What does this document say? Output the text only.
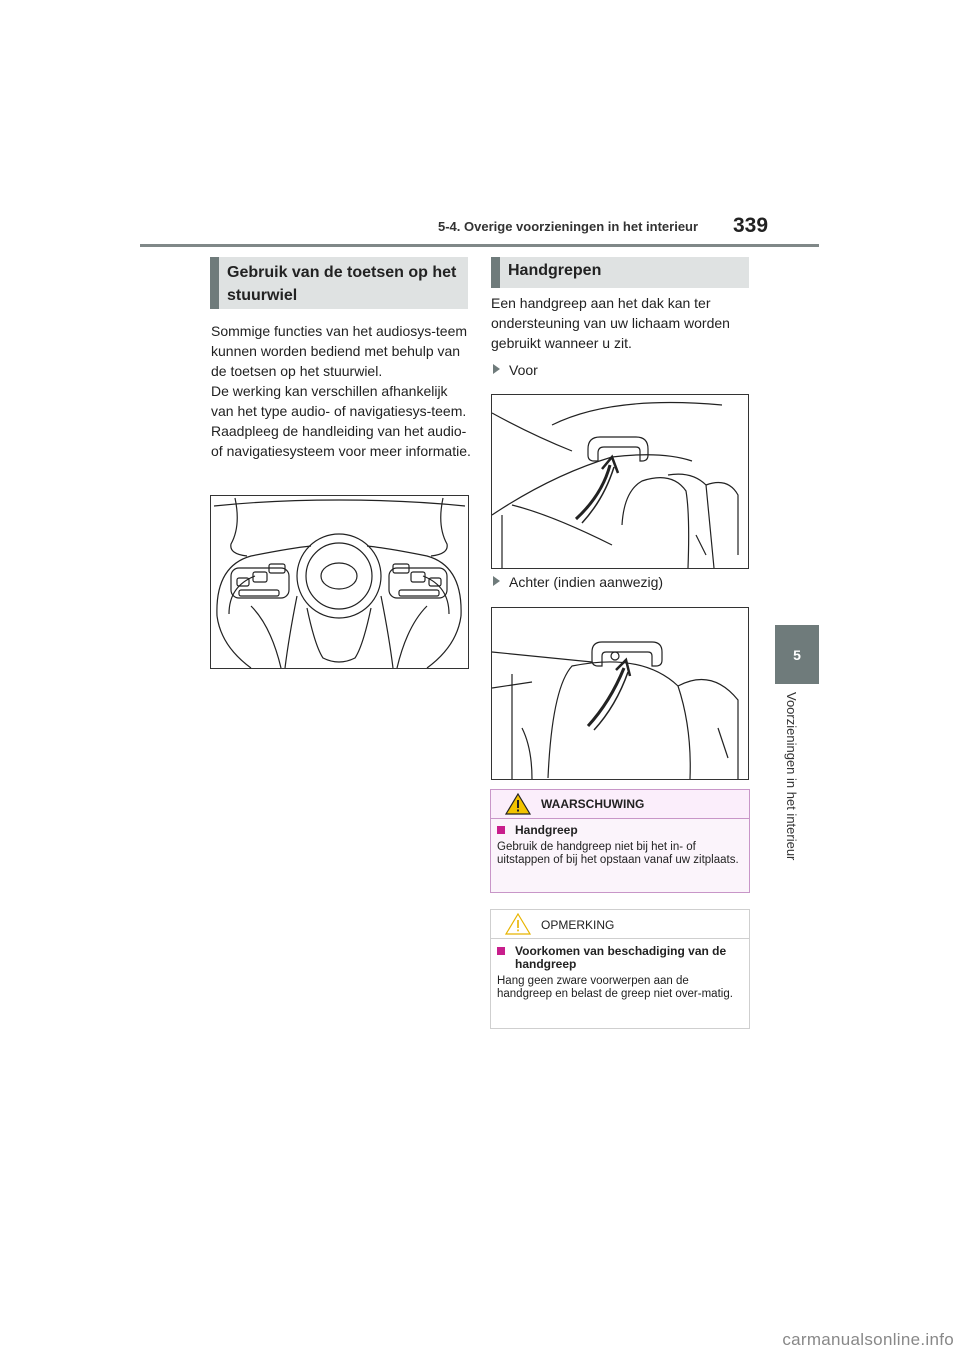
5-4. Overige voorzieningen in het interieur 339
5
Voorzieningen in het interieur
Gebruik van de toetsen op het stuurwiel
Sommige functies van het audiosys-teem kunnen worden bediend met behulp van de toetsen op het stuurwiel.
De werking kan verschillen afhankelijk van het type audio- of navigatiesys-teem. Raadpleeg de handleiding van het audio- of navigatiesysteem voor meer informatie.
Handgrepen
Een handgreep aan het dak kan ter ondersteuning van uw lichaam worden gebruikt wanneer u zit.
Voor
Achter (indien aanwezig)
WAARSCHUWING
Handgreep
Gebruik de handgreep niet bij het in- of uitstappen of bij het opstaan vanaf uw zitplaats.
OPMERKING
Voorkomen van beschadiging van de handgreep
Hang geen zware voorwerpen aan de handgreep en belast de greep niet over-matig.
carmanualsonline.info
